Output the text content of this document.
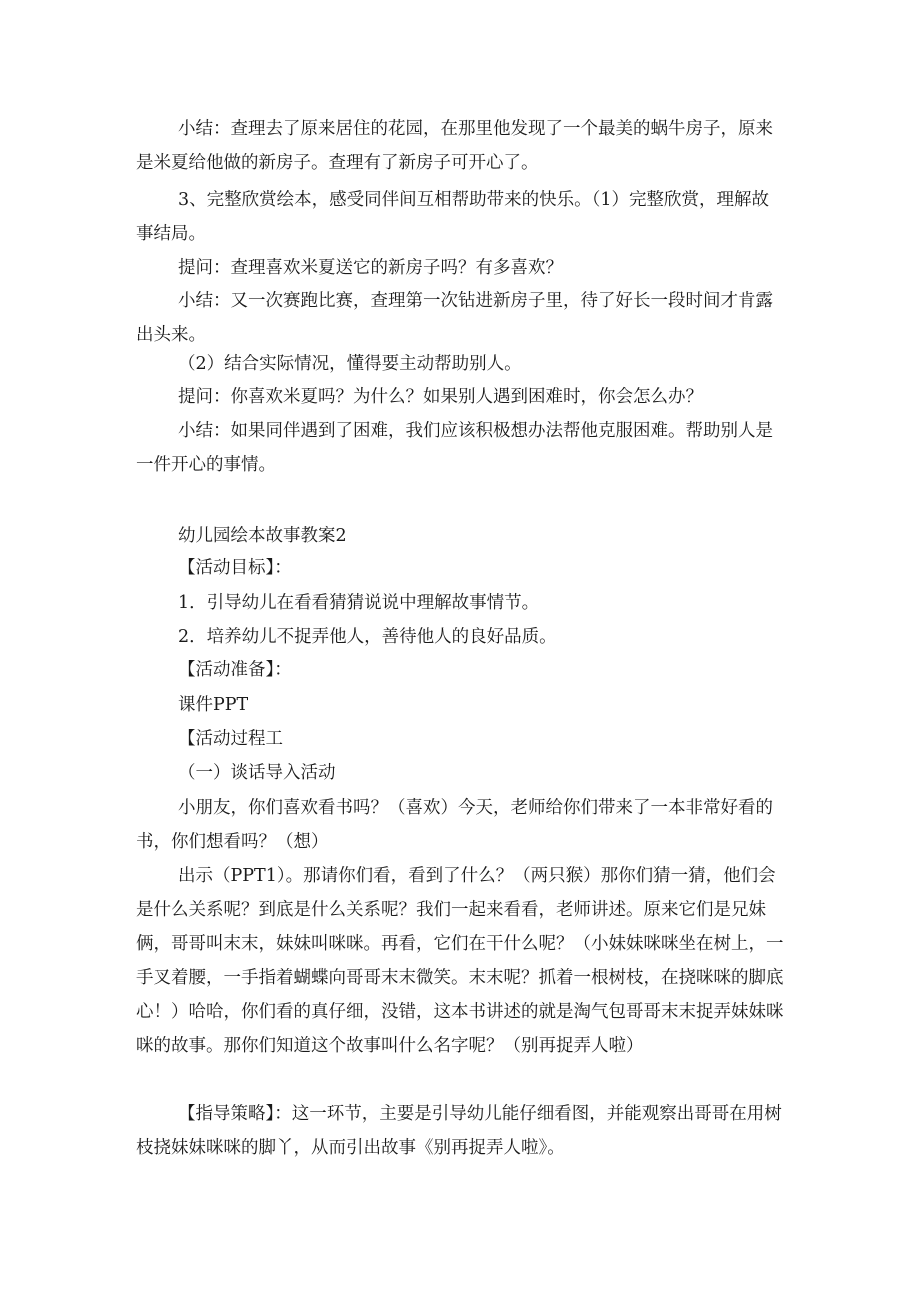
小结：查理去了原来居住的花园，在那里他发现了一个最美的蜗牛房子，原来是米夏给他做的新房子。查理有了新房子可开心了。

3、完整欣赏绘本，感受同伴间互相帮助带来的快乐。（1）完整欣赏，理解故事结局。

提问：查理喜欢米夏送它的新房子吗？有多喜欢？

小结：又一次赛跑比赛，查理第一次钻进新房子里，待了好长一段时间才肯露出头来。

（2）结合实际情况，懂得要主动帮助别人。

提问：你喜欢米夏吗？为什么？如果别人遇到困难时，你会怎么办？

小结：如果同伴遇到了困难，我们应该积极想办法帮他克服困难。帮助别人是一件开心的事情。

幼儿园绘本故事教案2

【活动目标】：

1．引导幼儿在看看猜猜说说中理解故事情节。

2．培养幼儿不捉弄他人，善待他人的良好品质。

【活动准备】：

课件PPT

【活动过程工

（一）谈话导入活动

小朋友，你们喜欢看书吗？（喜欢）今天，老师给你们带来了一本非常好看的书，你们想看吗？（想）

出示（PPT1）。那请你们看，看到了什么？（两只猴）那你们猜一猜，他们会是什么关系呢？到底是什么关系呢？我们一起来看看，老师讲述。原来它们是兄妹俩，哥哥叫末末，妹妹叫咪咪。再看，它们在干什么呢？（小妹妹咪咪坐在树上，一手叉着腰，一手指着蝴蝶向哥哥末末微笑。末末呢？抓着一根树枝，在挠咪咪的脚底心！）哈哈，你们看的真仔细，没错，这本书讲述的就是淘气包哥哥末末捉弄妹妹咪咪的故事。那你们知道这个故事叫什么名字呢？（别再捉弄人啦）

【指导策略】：这一环节，主要是引导幼儿能仔细看图，并能观察出哥哥在用树枝挠妹妹咪咪的脚丫，从而引出故事《别再捉弄人啦》。
